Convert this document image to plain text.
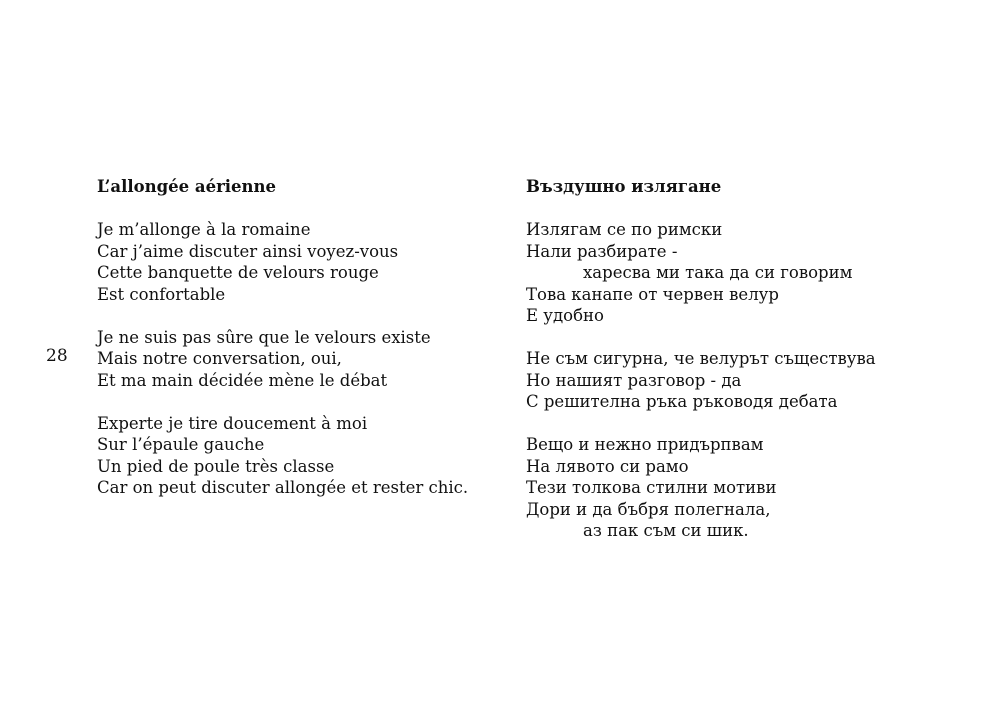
28
L’allongée aérienne
Je m’allonge à la romaine
Car j’aime discuter ainsi voyez-vous
Cette banquette de velours rouge
Est confortable
Je ne suis pas sûre que le velours existe
Mais notre conversation, oui,
Et ma main décidée mène le débat
Experte je tire doucement à moi
Sur l’épaule gauche
Un pied de poule très classe
Car on peut discuter allongée et rester chic.
Въздушно излягане
Излягам се по римски
Нали разбирате -
харесва ми така да си говорим
Това канапе от червен велур
Е удобно
Не съм сигурна, че велурът съществува
Но нашият разговор - да
С решителна ръка ръководя дебата
Вещо и нежно придърпвам
На лявото си рамо
Тези толкова стилни мотиви
Дори и да бъбря полегнала,
аз пак съм си шик.
